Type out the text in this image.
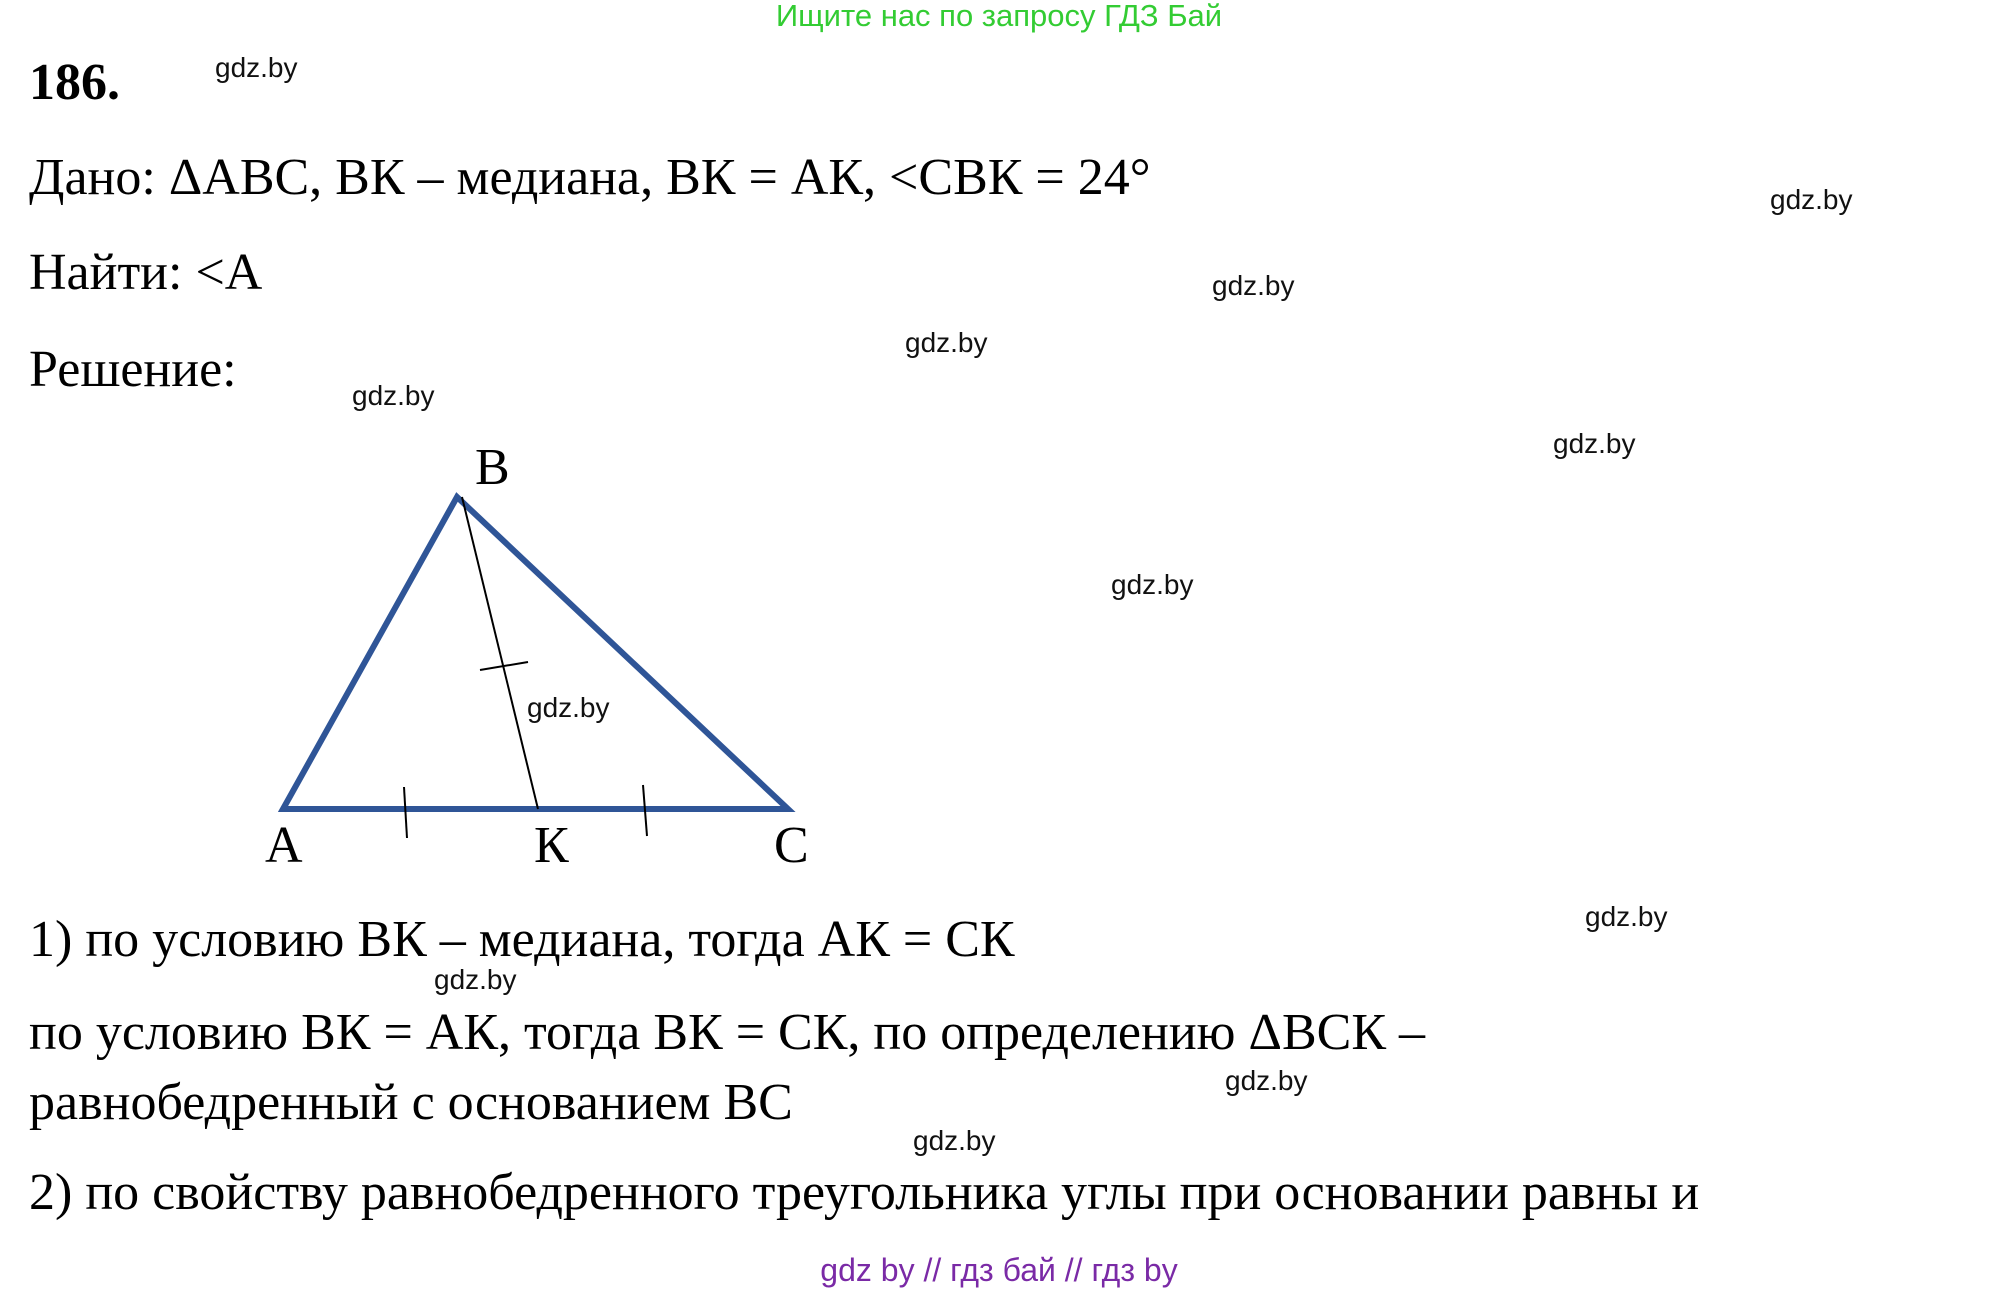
Ищите нас по запросу ГДЗ Бай
186.	gdz.by
Дано: ΔАВС, ВК – медиана, ВК = АК, <СВК = 24°	gdz.by
Найти: <А	gdz.by
gdz.by
Решение:	gdz.by
gdz.by
gdz.by
В
А	К	С
gdz.by
gdz.by
1) по условию ВК – медиана, тогда АК = СК
gdz.by
по условию ВК = АК, тогда ВК = СК, по определению ΔВСК –
gdz.by
равнобедренный с основанием ВС
gdz.by
2) по свойству равнобедренного треугольника углы при основании равны и
gdz by // гдз бай // гдз by
